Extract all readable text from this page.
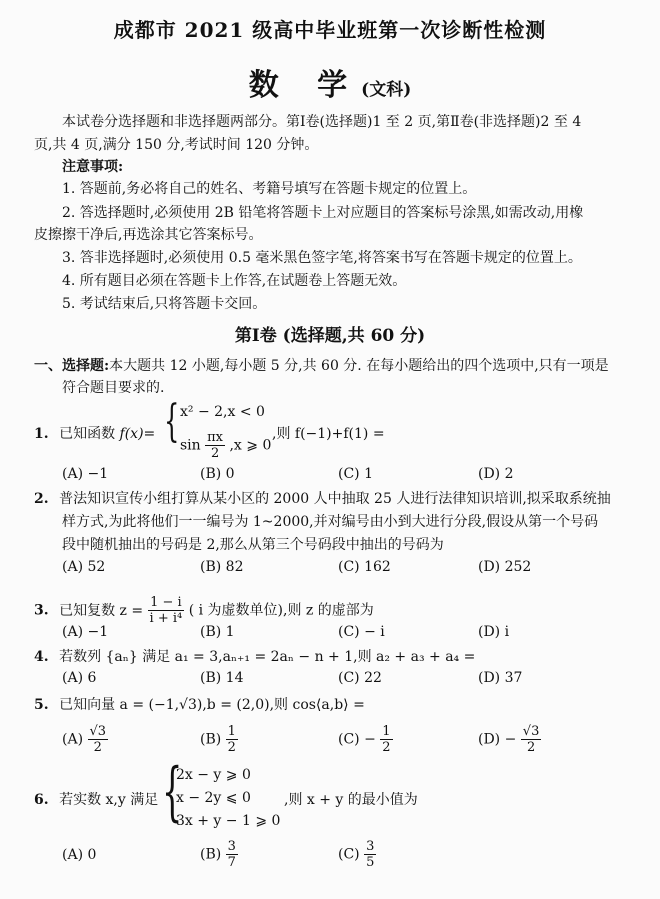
成都市 2021 级高中毕业班第一次诊断性检测
数 学(文科)
本试卷分选择题和非选择题两部分。第Ⅰ卷(选择题)1 至 2 页,第Ⅱ卷(非选择题)2 至 4
页,共 4 页,满分 150 分,考试时间 120 分钟。
注意事项:
1. 答题前,务必将自己的姓名、考籍号填写在答题卡规定的位置上。
2. 答选择题时,必须使用 2B 铅笔将答题卡上对应题目的答案标号涂黑,如需改动,用橡
皮擦擦干净后,再选涂其它答案标号。
3. 答非选择题时,必须使用 0.5 毫米黑色签字笔,将答案书写在答题卡规定的位置上。
4. 所有题目必须在答题卡上作答,在试题卷上答题无效。
5. 考试结束后,只将答题卡交回。
第Ⅰ卷 (选择题,共 60 分)
一、选择题:本大题共 12 小题,每小题 5 分,共 60 分. 在每小题给出的四个选项中,只有一项是
符合题目要求的.
1. 已知函数 f(x)= { x² − 2,x < 0
$\sin \frac{\pi x}{2} ,x$ ⩾ 0
,则 f(−1)+f(1) =
(A) −1	(B) 0	(C) 1	(D) 2
2. 普法知识宣传小组打算从某小区的 2000 人中抽取 25 人进行法律知识培训,拟采取系统抽
样方式,为此将他们一一编号为 1~2000,并对编号由小到大进行分段,假设从第一个号码
段中随机抽出的号码是 2,那么从第三个号码段中抽出的号码为
(A) 52	(B) 82	(C) 162	(D) 252
3. 已知复数 $z = \frac{1 - i}{\text{i + i⁴}}$ ( i 为虚数单位),则 z 的虚部为
(A) −1	(B) 1	(C) − i	(D) i
4. 若数列 {aₙ} 满足 a₁ = 3,aₙ₊₁ = 2aₙ − n + 1,则 a₂ + a₃ + a₄ =
(A) 6	(B) 14	(C) 22	(D) 37
5. 已知向量 a = (−1,√3),b = (2,0),则 cos⟨a,b⟩ =
$(A) \frac{√3}{2}$	$(B) \frac{1}{2}$	$(C) - \frac{1}{2}$	$(D) - \frac{√3}{2}$
6. 若实数 x,y 满足 {
2x − y ⩾ 0
x − 2y ⩽ 0
3x + y − 1 ⩾ 0
,则 x + y 的最小值为
(A) 0	$(B) \frac{3}{7}$	$(C) \frac{3}{5}$
